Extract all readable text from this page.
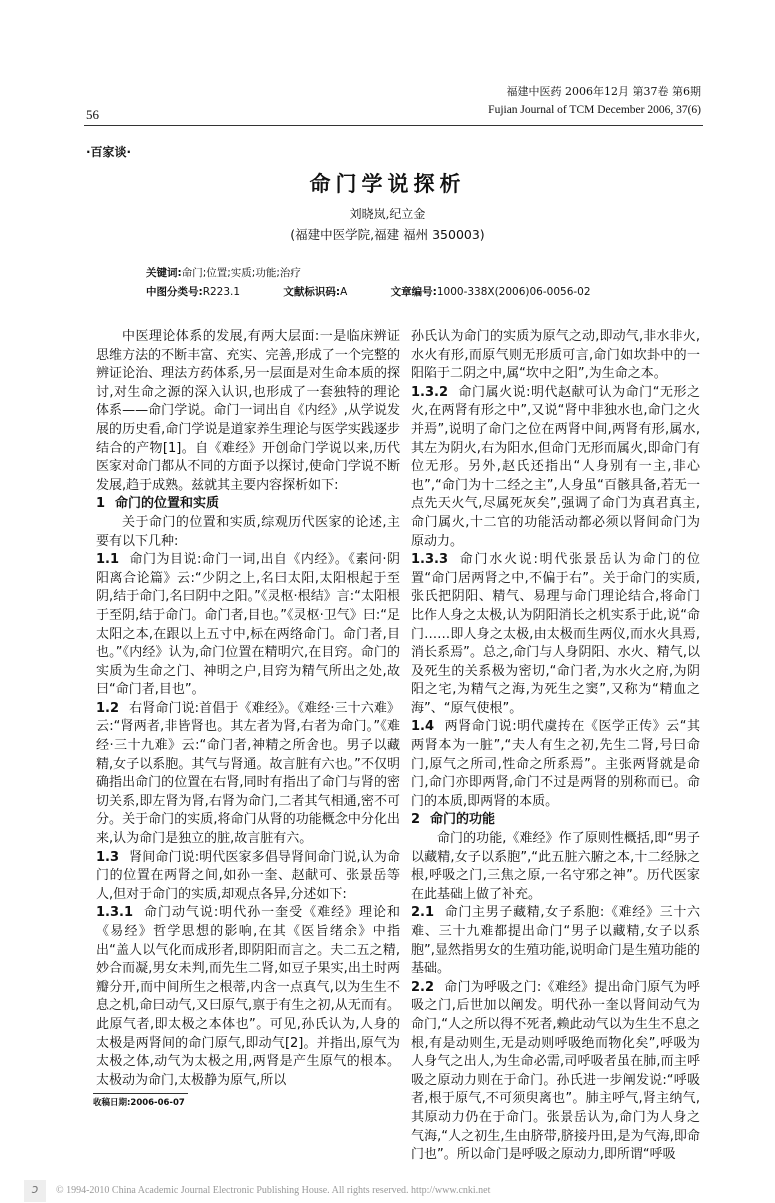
福建中医药 2006年12月 第37卷 第6期
Fujian Journal of TCM December 2006, 37(6)
56
·百家谈·
命门学说探析
刘晓岚,纪立金
(福建中医学院,福建 福州 350003)
关键词:命门;位置;实质;功能;治疗
中图分类号:R223.1	文献标识码:A	文章编号:1000-338X(2006)06-0056-02

中医理论体系的发展,有两大层面:一是临床辨证思维方法的不断丰富、充实、完善,形成了一个完整的辨证论治、理法方药体系,另一层面是对生命本质的探讨,对生命之源的深入认识,也形成了一套独特的理论体系——命门学说。命门一词出自《内经》,从学说发展的历史看,命门学说是道家养生理论与医学实践逐步结合的产物[1]。自《难经》开创命门学说以来,历代医家对命门都从不同的方面予以探讨,使命门学说不断发展,趋于成熟。兹就其主要内容探析如下:

1 命门的位置和实质

关于命门的位置和实质,综观历代医家的论述,主要有以下几种:

1.1 命门为目说:命门一词,出自《内经》。《素问·阴阳离合论篇》云:“少阴之上,名曰太阳,太阳根起于至阴,结于命门,名曰阴中之阳。”《灵枢·根结》言:“太阳根于至阴,结于命门。命门者,目也。”《灵枢·卫气》曰:“足太阳之本,在跟以上五寸中,标在两络命门。命门者,目也。”《内经》认为,命门位置在精明穴,在目窍。命门的实质为生命之门、神明之户,目窍为精气所出之处,故曰“命门者,目也”。

1.2 右肾命门说:首倡于《难经》。《难经·三十六难》云:“肾两者,非皆肾也。其左者为肾,右者为命门。”《难经·三十九难》云:“命门者,神精之所舍也。男子以藏精,女子以系胞。其气与肾通。故言脏有六也。”不仅明确指出命门的位置在右肾,同时有指出了命门与肾的密切关系,即左肾为肾,右肾为命门,二者其气相通,密不可分。关于命门的实质,将命门从肾的功能概念中分化出来,认为命门是独立的脏,故言脏有六。

1.3 肾间命门说:明代医家多倡导肾间命门说,认为命门的位置在两肾之间,如孙一奎、赵献可、张景岳等人,但对于命门的实质,却观点各异,分述如下:

1.3.1 命门动气说:明代孙一奎受《难经》理论和《易经》哲学思想的影响,在其《医旨绪余》中指出“盖人以气化而成形者,即阴阳而言之。夫二五之精,妙合而凝,男女未判,而先生二肾,如豆子果实,出土时两瓣分开,而中间所生之根蒂,内含一点真气,以为生生不息之机,命曰动气,又曰原气,禀于有生之初,从无而有。此原气者,即太极之本体也”。可见,孙氏认为,人身的太极是两肾间的命门原气,即动气[2]。并指出,原气为太极之体,动气为太极之用,两肾是产生原气的根本。太极动为命门,太极静为原气,所以

收稿日期:2006-06-07

孙氏认为命门的实质为原气之动,即动气,非水非火,水火有形,而原气则无形质可言,命门如坎卦中的一阳陷于二阴之中,属“坎中之阳”,为生命之本。

1.3.2 命门属火说:明代赵献可认为命门“无形之火,在两肾有形之中”,又说“肾中非独水也,命门之火并焉”,说明了命门之位在两肾中间,两肾有形,属水,其左为阴火,右为阳水,但命门无形而属火,即命门有位无形。另外,赵氏还指出“人身别有一主,非心也”,“命门为十二经之主”,人身虽“百骸具备,若无一点先天火气,尽属死灰矣”,强调了命门为真君真主,命门属火,十二官的功能活动都必须以肾间命门为原动力。

1.3.3 命门水火说:明代张景岳认为命门的位置“命门居两肾之中,不偏于右”。关于命门的实质,张氏把阴阳、精气、易理与命门理论结合,将命门比作人身之太极,认为阴阳消长之机实系于此,说“命门……即人身之太极,由太极而生两仪,而水火具焉,消长系焉”。总之,命门与人身阴阳、水火、精气,以及死生的关系极为密切,“命门者,为水火之府,为阴阳之宅,为精气之海,为死生之窦”,又称为“精血之海”、“原气使根”。

1.4 两肾命门说:明代虞抟在《医学正传》云“其两肾本为一脏”,“夫人有生之初,先生二肾,号曰命门,原气之所司,性命之所系焉”。主张两肾就是命门,命门亦即两肾,命门不过是两肾的别称而已。命门的本质,即两肾的本质。

2 命门的功能

命门的功能,《难经》作了原则性概括,即“男子以藏精,女子以系胞”,“此五脏六腑之本,十二经脉之根,呼吸之门,三焦之原,一名守邪之神”。历代医家在此基础上做了补充。

2.1 命门主男子藏精,女子系胞:《难经》三十六难、三十九难都提出命门“男子以藏精,女子以系胞”,显然指男女的生殖功能,说明命门是生殖功能的基础。

2.2 命门为呼吸之门:《难经》提出命门原气为呼吸之门,后世加以阐发。明代孙一奎以肾间动气为命门,“人之所以得不死者,赖此动气以为生生不息之根,有是动则生,无是动则呼吸绝而物化矣”,呼吸为人身气之出人,为生命必需,司呼吸者虽在肺,而主呼吸之原动力则在于命门。孙氏进一步阐发说:“呼吸者,根于原气,不可须臾离也”。肺主呼气,肾主纳气,其原动力仍在于命门。张景岳认为,命门为人身之气海,“人之初生,生由脐带,脐接丹田,是为气海,即命门也”。所以命门是呼吸之原动力,即所谓“呼吸

ɔ	© 1994-2010 China Academic Journal Electronic Publishing House. All rights reserved. http://www.cnki.net
